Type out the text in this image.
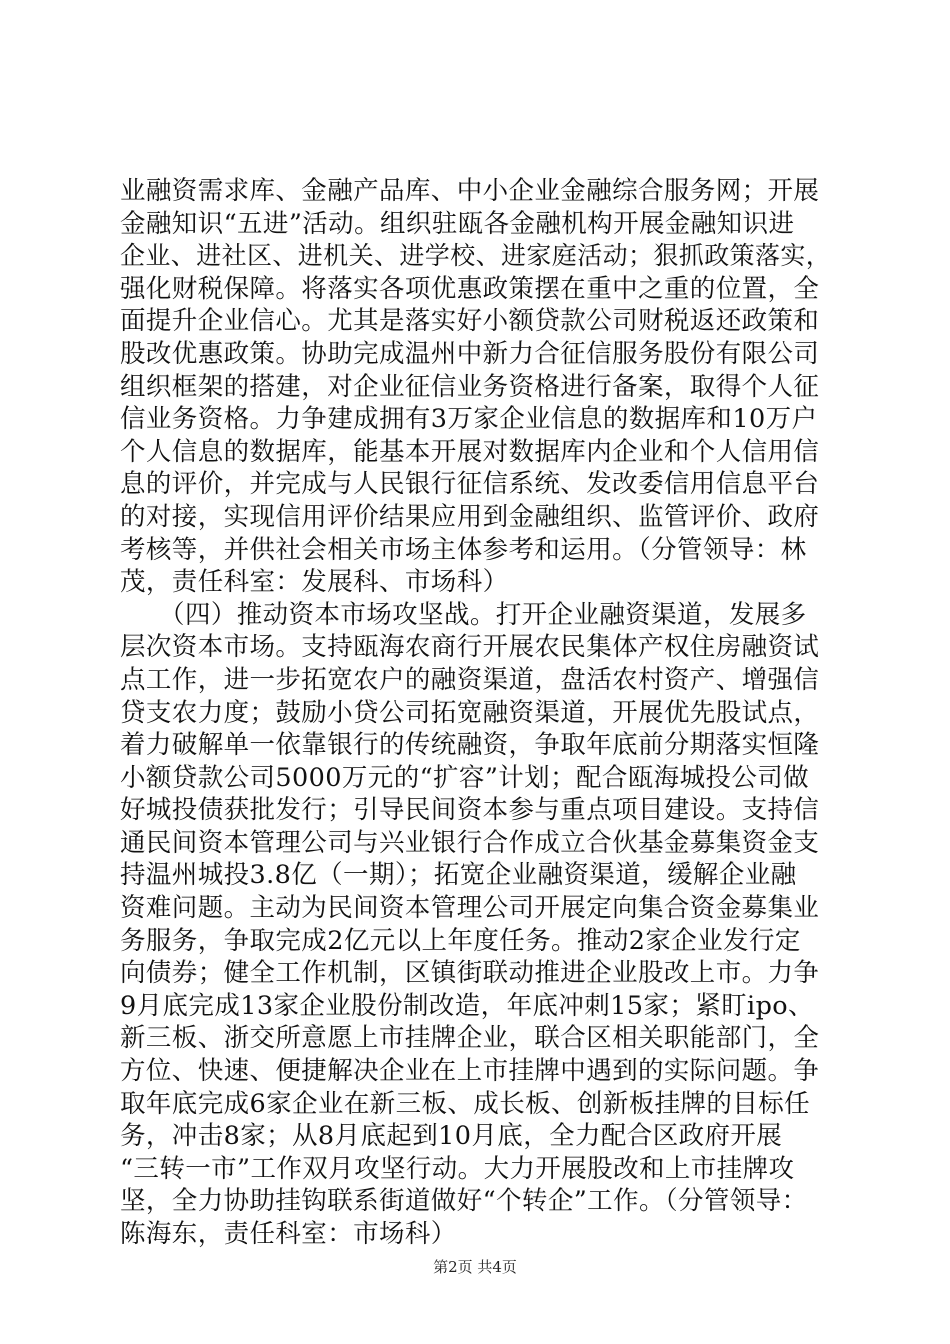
业融资需求库、金融产品库、中小企业金融综合服务网；开展
金融知识“五进”活动。组织驻瓯各金融机构开展金融知识进
企业、进社区、进机关、进学校、进家庭活动；狠抓政策落实，
强化财税保障。将落实各项优惠政策摆在重中之重的位置，全
面提升企业信心。尤其是落实好小额贷款公司财税返还政策和
股改优惠政策。协助完成温州中新力合征信服务股份有限公司
组织框架的搭建，对企业征信业务资格进行备案，取得个人征
信业务资格。力争建成拥有3万家企业信息的数据库和10万户
个人信息的数据库，能基本开展对数据库内企业和个人信用信
息的评价，并完成与人民银行征信系统、发改委信用信息平台
的对接，实现信用评价结果应用到金融组织、监管评价、政府
考核等，并供社会相关市场主体参考和运用。（分管领导：林
茂，责任科室：发展科、市场科）
　　（四）推动资本市场攻坚战。打开企业融资渠道，发展多
层次资本市场。支持瓯海农商行开展农民集体产权住房融资试
点工作，进一步拓宽农户的融资渠道，盘活农村资产、增强信
贷支农力度；鼓励小贷公司拓宽融资渠道，开展优先股试点，
着力破解单一依靠银行的传统融资，争取年底前分期落实恒隆
小额贷款公司5000万元的“扩容”计划；配合瓯海城投公司做
好城投债获批发行；引导民间资本参与重点项目建设。支持信
通民间资本管理公司与兴业银行合作成立合伙基金募集资金支
持温州城投3.8亿（一期）；拓宽企业融资渠道，缓解企业融
资难问题。主动为民间资本管理公司开展定向集合资金募集业
务服务，争取完成2亿元以上年度任务。推动2家企业发行定
向债券；健全工作机制，区镇街联动推进企业股改上市。力争
9月底完成13家企业股份制改造，年底冲刺15家；紧盯ipo、
新三板、浙交所意愿上市挂牌企业，联合区相关职能部门，全
方位、快速、便捷解决企业在上市挂牌中遇到的实际问题。争
取年底完成6家企业在新三板、成长板、创新板挂牌的目标任
务，冲击8家；从8月底起到10月底，全力配合区政府开展
“三转一市”工作双月攻坚行动。大力开展股改和上市挂牌攻
坚，全力协助挂钩联系街道做好“个转企”工作。（分管领导：
陈海东，责任科室：市场科）
第2页 共4页
